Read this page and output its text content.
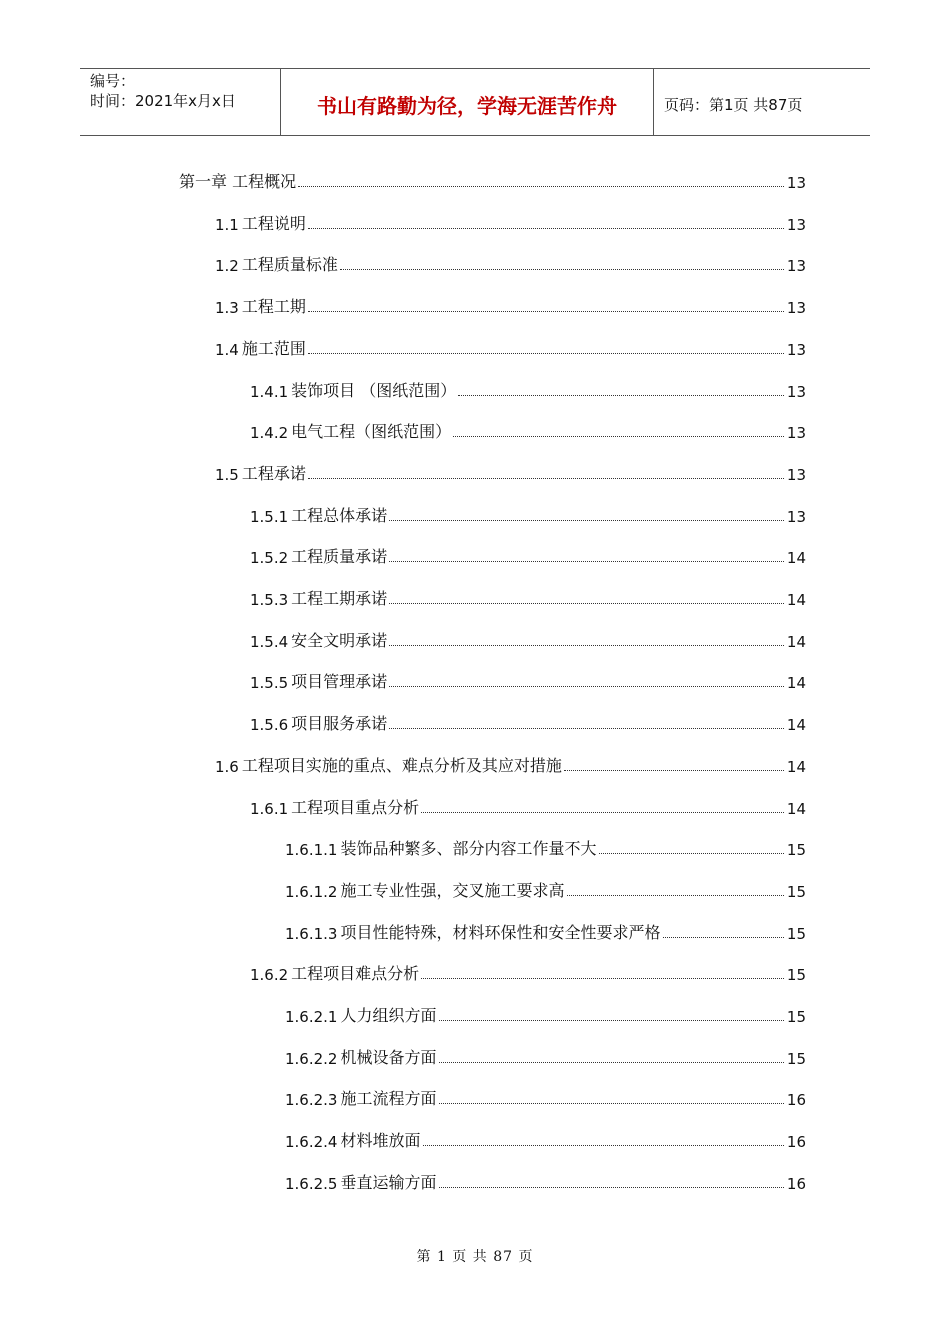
编号：
时间：2021年x月x日	书山有路勤为径，学海无涯苦作舟	页码：第1页 共87页
第一章 工程概况	13
1.1 工程说明	13
1.2 工程质量标准	13
1.3 工程工期	13
1.4 施工范围	13
1.4.1 装饰项目 （图纸范围）	13
1.4.2 电气工程（图纸范围）	13
1.5 工程承诺	13
1.5.1 工程总体承诺	13
1.5.2 工程质量承诺	14
1.5.3 工程工期承诺	14
1.5.4 安全文明承诺	14
1.5.5 项目管理承诺	14
1.5.6 项目服务承诺	14
1.6 工程项目实施的重点、难点分析及其应对措施	14
1.6.1 工程项目重点分析	14
1.6.1.1 装饰品种繁多、部分内容工作量不大	15
1.6.1.2 施工专业性强，交叉施工要求高	15
1.6.1.3 项目性能特殊，材料环保性和安全性要求严格	15
1.6.2 工程项目难点分析	15
1.6.2.1 人力组织方面	15
1.6.2.2 机械设备方面	15
1.6.2.3 施工流程方面	16
1.6.2.4 材料堆放面	16
1.6.2.5 垂直运输方面	16
第 1 页 共 87 页
